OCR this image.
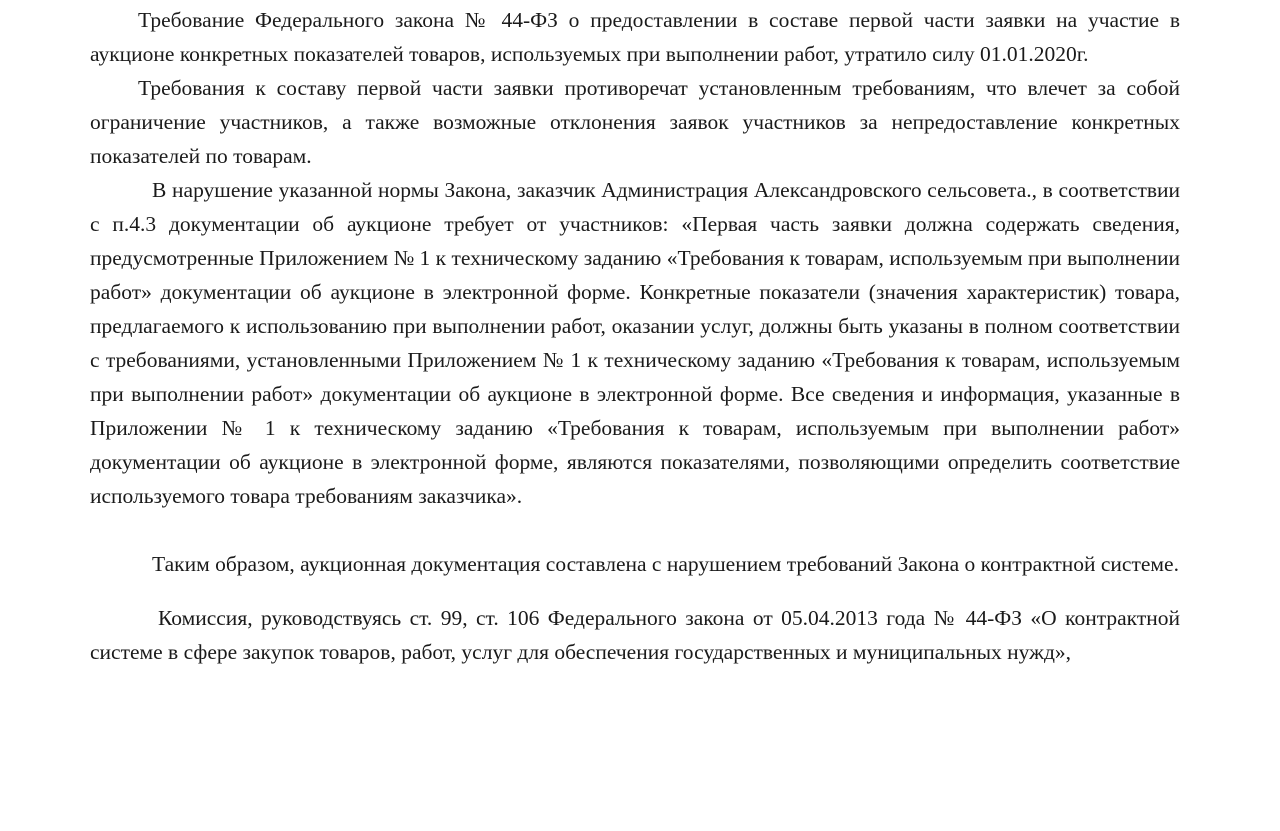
Требование Федерального закона № 44-ФЗ о предоставлении в составе первой части заявки на участие в аукционе конкретных показателей товаров, используемых при выполнении работ, утратило силу 01.01.2020г.

Требования к составу первой части заявки противоречат установленным требованиям, что влечет за собой ограничение участников, а также возможные отклонения заявок участников за непредоставление конкретных показателей по товарам.

В нарушение указанной нормы Закона, заказчик Администрация Александровского сельсовета., в соответствии с п.4.3 документации об аукционе требует от участников: «Первая часть заявки должна содержать сведения, предусмотренные Приложением № 1 к техническому заданию «Требования к товарам, используемым при выполнении работ» документации об аукционе в электронной форме. Конкретные показатели (значения характеристик) товара, предлагаемого к использованию при выполнении работ, оказании услуг, должны быть указаны в полном соответствии с требованиями, установленными Приложением № 1 к техническому заданию «Требования к товарам, используемым при выполнении работ» документации об аукционе в электронной форме. Все сведения и информация, указанные в Приложении № 1 к техническому заданию «Требования к товарам, используемым при выполнении работ» документации об аукционе в электронной форме, являются показателями, позволяющими определить соответствие используемого товара требованиям заказчика».

Таким образом, аукционная документация составлена с нарушением требований Закона о контрактной системе.

Комиссия, руководствуясь ст. 99, ст. 106 Федерального закона от 05.04.2013 года № 44-ФЗ «О контрактной системе в сфере закупок товаров, работ, услуг для обеспечения государственных и муниципальных нужд»,
